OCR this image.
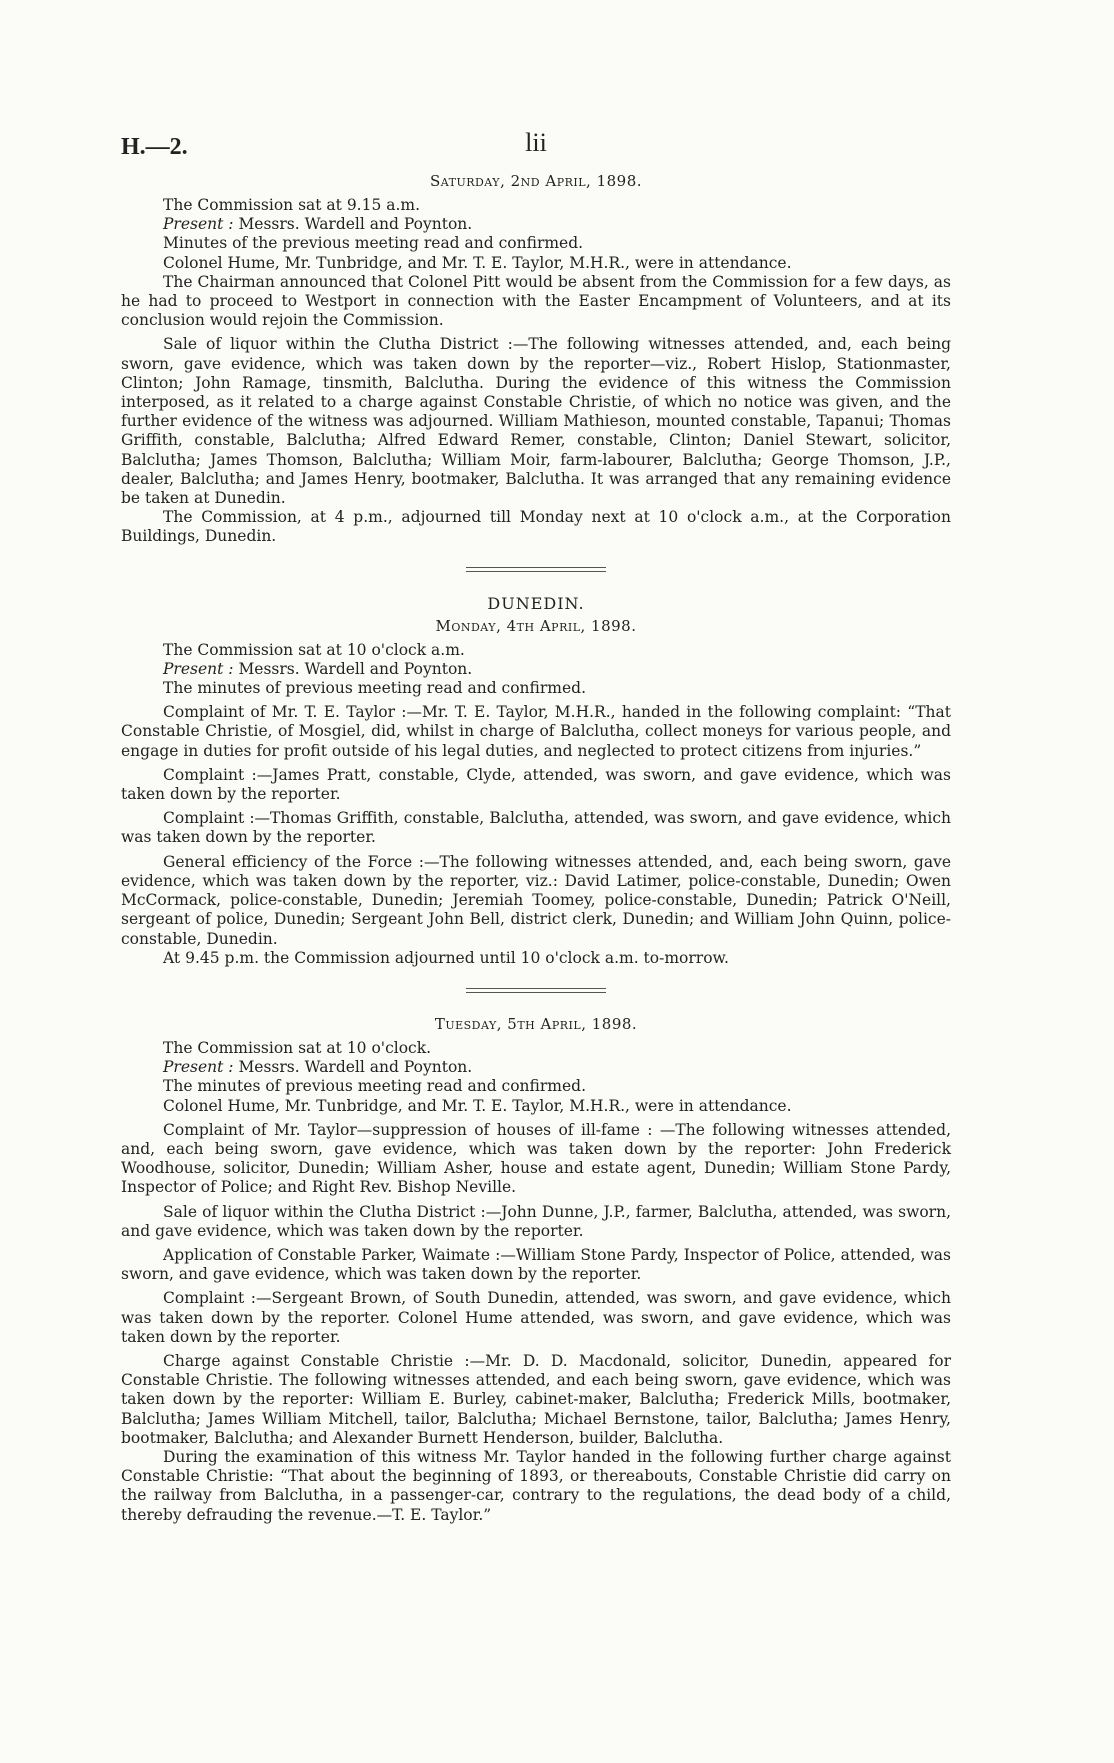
H.—2.	lii
Saturday, 2nd April, 1898.

The Commission sat at 9.15 a.m.

Present : Messrs. Wardell and Poynton.

Minutes of the previous meeting read and confirmed.

Colonel Hume, Mr. Tunbridge, and Mr. T. E. Taylor, M.H.R., were in attendance.

The Chairman announced that Colonel Pitt would be absent from the Commission for a few days, as he had to proceed to Westport in connection with the Easter Encampment of Volunteers, and at its conclusion would rejoin the Commission.

Sale of liquor within the Clutha District :—The following witnesses attended, and, each being sworn, gave evidence, which was taken down by the reporter—viz., Robert Hislop, Stationmaster, Clinton; John Ramage, tinsmith, Balclutha. During the evidence of this witness the Commission interposed, as it related to a charge against Constable Christie, of which no notice was given, and the further evidence of the witness was adjourned. William Mathieson, mounted constable, Tapanui; Thomas Griffith, constable, Balclutha; Alfred Edward Remer, constable, Clinton; Daniel Stewart, solicitor, Balclutha; James Thomson, Balclutha; William Moir, farm-labourer, Balclutha; George Thomson, J.P., dealer, Balclutha; and James Henry, bootmaker, Balclutha. It was arranged that any remaining evidence be taken at Dunedin.

The Commission, at 4 p.m., adjourned till Monday next at 10 o'clock a.m., at the Corporation Buildings, Dunedin.

DUNEDIN.
Monday, 4th April, 1898.

The Commission sat at 10 o'clock a.m.

Present : Messrs. Wardell and Poynton.

The minutes of previous meeting read and confirmed.

Complaint of Mr. T. E. Taylor :—Mr. T. E. Taylor, M.H.R., handed in the following complaint: “That Constable Christie, of Mosgiel, did, whilst in charge of Balclutha, collect moneys for various people, and engage in duties for profit outside of his legal duties, and neglected to protect citizens from injuries.”

Complaint :—James Pratt, constable, Clyde, attended, was sworn, and gave evidence, which was taken down by the reporter.

Complaint :—Thomas Griffith, constable, Balclutha, attended, was sworn, and gave evidence, which was taken down by the reporter.

General efficiency of the Force :—The following witnesses attended, and, each being sworn, gave evidence, which was taken down by the reporter, viz.: David Latimer, police-constable, Dunedin; Owen McCormack, police-constable, Dunedin; Jeremiah Toomey, police-constable, Dunedin; Patrick O'Neill, sergeant of police, Dunedin; Sergeant John Bell, district clerk, Dunedin; and William John Quinn, police-constable, Dunedin.

At 9.45 p.m. the Commission adjourned until 10 o'clock a.m. to-morrow.

Tuesday, 5th April, 1898.

The Commission sat at 10 o'clock.

Present : Messrs. Wardell and Poynton.

The minutes of previous meeting read and confirmed.

Colonel Hume, Mr. Tunbridge, and Mr. T. E. Taylor, M.H.R., were in attendance.

Complaint of Mr. Taylor—suppression of houses of ill-fame : —The following witnesses attended, and, each being sworn, gave evidence, which was taken down by the reporter: John Frederick Woodhouse, solicitor, Dunedin; William Asher, house and estate agent, Dunedin; William Stone Pardy, Inspector of Police; and Right Rev. Bishop Neville.

Sale of liquor within the Clutha District :—John Dunne, J.P., farmer, Balclutha, attended, was sworn, and gave evidence, which was taken down by the reporter.

Application of Constable Parker, Waimate :—William Stone Pardy, Inspector of Police, attended, was sworn, and gave evidence, which was taken down by the reporter.

Complaint :—Sergeant Brown, of South Dunedin, attended, was sworn, and gave evidence, which was taken down by the reporter. Colonel Hume attended, was sworn, and gave evidence, which was taken down by the reporter.

Charge against Constable Christie :—Mr. D. D. Macdonald, solicitor, Dunedin, appeared for Constable Christie. The following witnesses attended, and each being sworn, gave evidence, which was taken down by the reporter: William E. Burley, cabinet-maker, Balclutha; Frederick Mills, bootmaker, Balclutha; James William Mitchell, tailor, Balclutha; Michael Bernstone, tailor, Balclutha; James Henry, bootmaker, Balclutha; and Alexander Burnett Henderson, builder, Balclutha.

During the examination of this witness Mr. Taylor handed in the following further charge against Constable Christie: “That about the beginning of 1893, or thereabouts, Constable Christie did carry on the railway from Balclutha, in a passenger-car, contrary to the regulations, the dead body of a child, thereby defrauding the revenue.—T. E. Taylor.”
